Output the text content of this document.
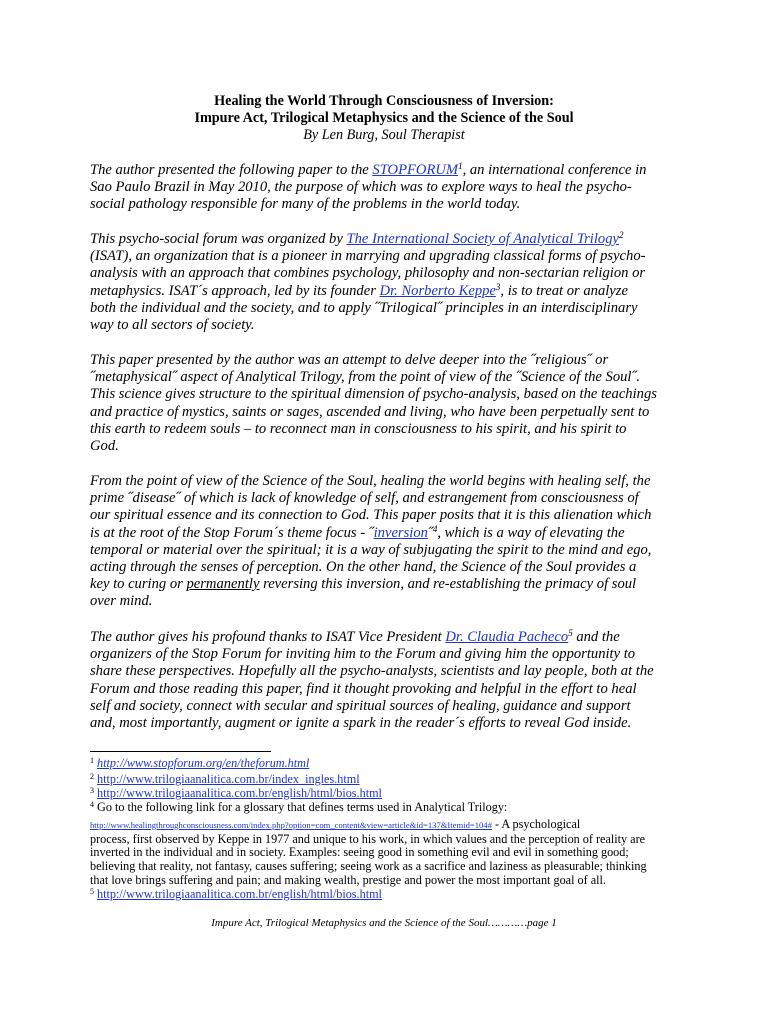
Healing the World Through Consciousness of Inversion:
Impure Act, Trilogical Metaphysics and the Science of the Soul
By Len Burg, Soul Therapist
The author presented the following paper to the STOPFORUM$^1$, an international conference in
Sao Paulo Brazil in May 2010, the purpose of which was to explore ways to heal the psycho-
social pathology responsible for many of the problems in the world today.
This psycho-social forum was organized by The International Society of Analytical Trilogy$^2$
(ISAT), an organization that is a pioneer in marrying and upgrading classical forms of psycho-
analysis with an approach that combines psychology, philosophy and non-sectarian religion or
metaphysics. ISAT´s approach, led by its founder Dr. Norberto Keppe$^3$, is to treat or analyze
both the individual and the society, and to apply ˝Trilogical˝ principles in an interdisciplinary
way to all sectors of society.
This paper presented by the author was an attempt to delve deeper into the ˝religious˝ or
˝metaphysical˝ aspect of Analytical Trilogy, from the point of view of the ˝Science of the Soul˝.
This science gives structure to the spiritual dimension of psycho-analysis, based on the teachings
and practice of mystics, saints or sages, ascended and living, who have been perpetually sent to
this earth to redeem souls – to reconnect man in consciousness to his spirit, and his spirit to
God.
From the point of view of the Science of the Soul, healing the world begins with healing self, the
prime ˝disease˝ of which is lack of knowledge of self, and estrangement from consciousness of
our spiritual essence and its connection to God. This paper posits that it is this alienation which
is at the root of the Stop Forum´s theme focus - ˝inversion˝$^4$, which is a way of elevating the
temporal or material over the spiritual; it is a way of subjugating the spirit to the mind and ego,
acting through the senses of perception. On the other hand, the Science of the Soul provides a
key to curing or permanently reversing this inversion, and re-establishing the primacy of soul
over mind.
The author gives his profound thanks to ISAT Vice President Dr. Claudia Pacheco$^5$ and the
organizers of the Stop Forum for inviting him to the Forum and giving him the opportunity to
share these perspectives. Hopefully all the psycho-analysts, scientists and lay people, both at the
Forum and those reading this paper, find it thought provoking and helpful in the effort to heal
self and society, connect with secular and spiritual sources of healing, guidance and support
and, most importantly, augment or ignite a spark in the reader´s efforts to reveal God inside.
$^1$ http://www.stopforum.org/en/theforum.html
$^2$ http://www.trilogiaanalitica.com.br/index_ingles.html
$^3$ http://www.trilogiaanalitica.com.br/english/html/bios.html
$^4$ Go to the following link for a glossary that defines terms used in Analytical Trilogy:
http://www.healingthroughconsciousness.com/index.php?option=com_content&view=article&id=137&Itemid=104# - A psychological
process, first observed by Keppe in 1977 and unique to his work, in which values and the perception of reality are
inverted in the individual and in society. Examples: seeing good in something evil and evil in something good;
believing that reality, not fantasy, causes suffering; seeing work as a sacrifice and laziness as pleasurable; thinking
that love brings suffering and pain; and making wealth, prestige and power the most important goal of all.
$^5$ http://www.trilogiaanalitica.com.br/english/html/bios.html
Impure Act, Trilogical Metaphysics and the Science of the Soul…………page 1
